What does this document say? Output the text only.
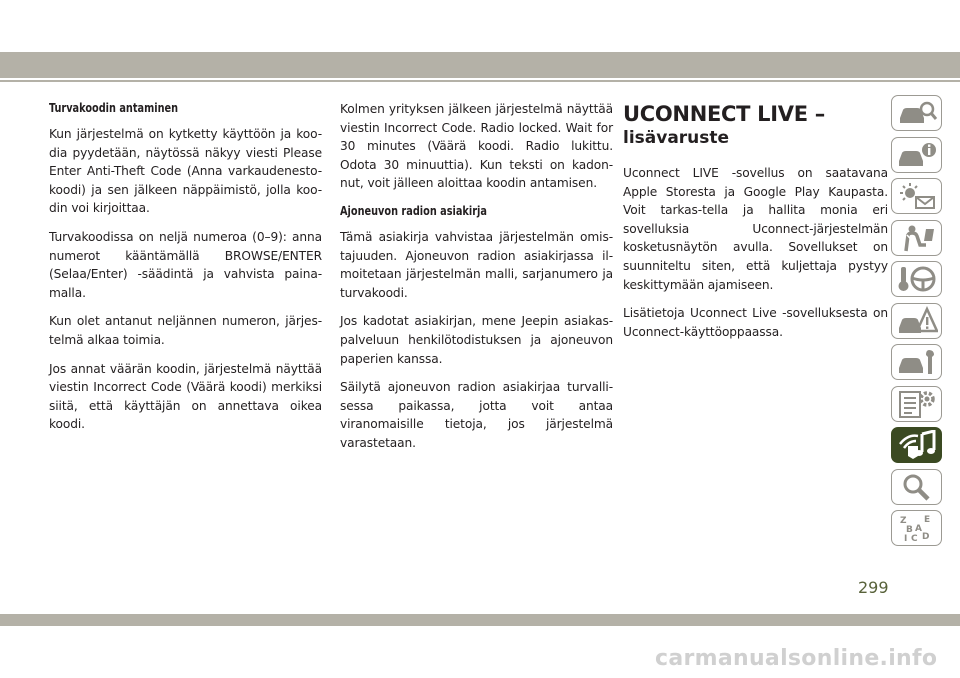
Turvakoodin antaminen

Kun järjestelmä on kytketty käyttöön ja koo-dia pyydetään, näytössä näkyy viesti Please Enter Anti-Theft Code (Anna varkaudenesto-koodi) ja sen jälkeen näppäimistö, jolla koo-din voi kirjoittaa.

Turvakoodissa on neljä numeroa (0–9): anna numerot kääntämällä BROWSE/ENTER (Selaa/Enter) -säädintä ja vahvista paina-malla.

Kun olet antanut neljännen numeron, järjes-telmä alkaa toimia.

Jos annat väärän koodin, järjestelmä näyttää viestin Incorrect Code (Väärä koodi) merkiksi siitä, että käyttäjän on annettava oikea koodi.

Kolmen yrityksen jälkeen järjestelmä näyttää viestin Incorrect Code. Radio locked. Wait for 30 minutes (Väärä koodi. Radio lukittu. Odota 30 minuuttia). Kun teksti on kadon-nut, voit jälleen aloittaa koodin antamisen.

Ajoneuvon radion asiakirja

Tämä asiakirja vahvistaa järjestelmän omis-tajuuden. Ajoneuvon radion asiakirjassa il-moitetaan järjestelmän malli, sarjanumero ja turvakoodi.

Jos kadotat asiakirjan, mene Jeepin asiakas-palveluun henkilötodistuksen ja ajoneuvon paperien kanssa.

Säilytä ajoneuvon radion asiakirjaa turvalli-sessa paikassa, jotta voit antaa viranomaisille tietoja, jos järjestelmä varastetaan.

UCONNECT LIVE –
lisävaruste

Uconnect LIVE -sovellus on saatavana Apple Storesta ja Google Play Kaupasta. Voit tarkas-tella ja hallita monia eri sovelluksia Uconnect-järjestelmän kosketusnäytön avulla. Sovellukset on suunniteltu siten, että kuljettaja pystyy keskittymään ajamiseen.

Lisätietoja Uconnect Live -sovelluksesta on Uconnect-käyttöoppaassa.

Z E
B A
I C D
299
carmanualsonline.info
